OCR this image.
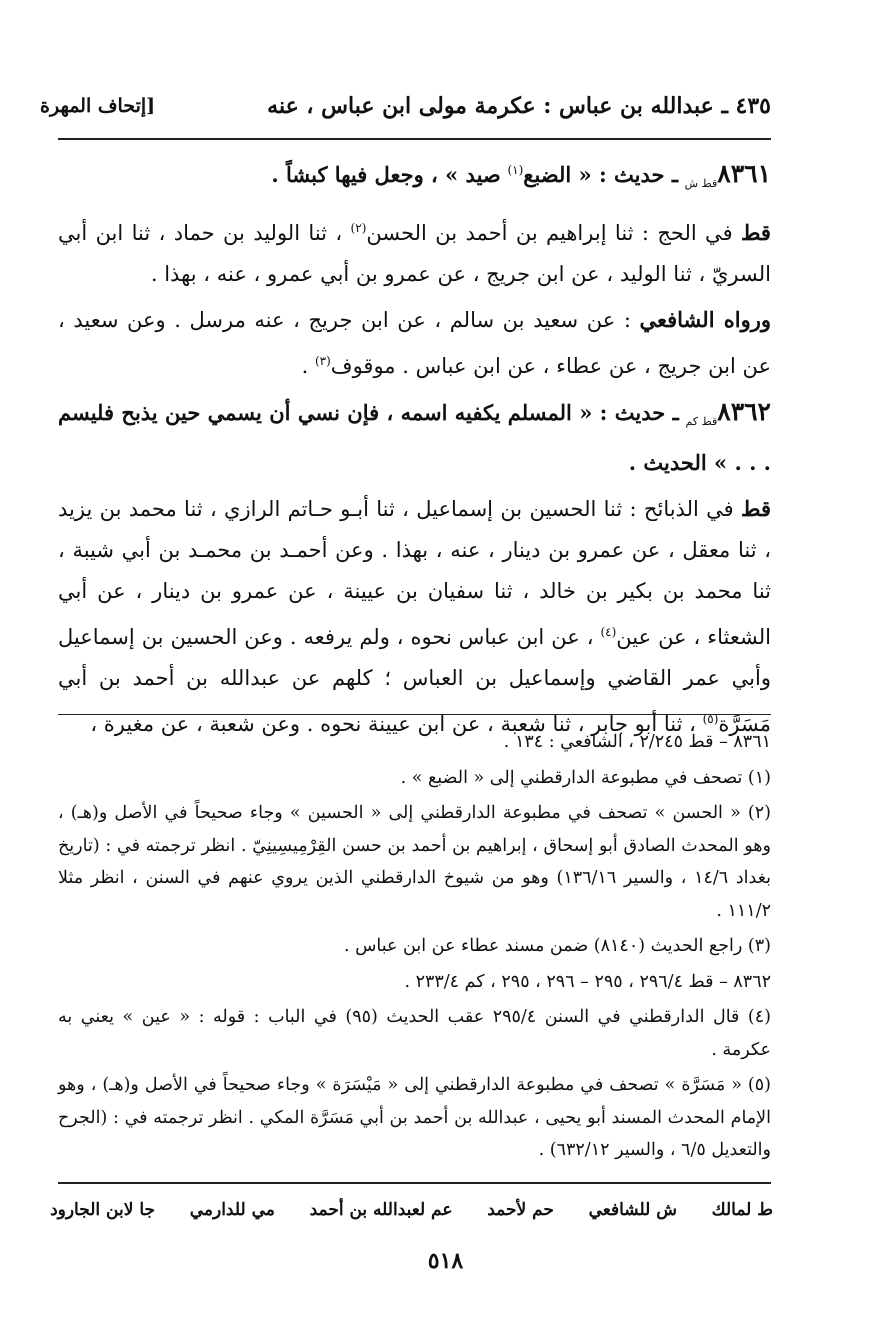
٤٣٥ ـ عبدالله بن عباس : عكرمة مولى ابن عباس ، عنه
[إتحاف المهرة

$٨٣٦١_{قط ش}$ ـ حديث : « الضبع$^{(١)}$ صيد » ، وجعل فيها كبشاً .

قط في الحج : ثنا إبراهيم بن أحمد بن الحسن$^{(٢)}$ ، ثنا الوليد بن حماد ، ثنا ابن أبي السريّ ، ثنا الوليد ، عن ابن جريج ، عن عمرو بن أبي عمرو ، عنه ، بهذا .

ورواه الشافعي : عن سعيد بن سالم ، عن ابن جريج ، عنه مرسل . وعن سعيد ، عن ابن جريج ، عن عطاء ، عن ابن عباس . موقوف$^{(٣)}$ .

$٨٣٦٢_{قط كم}$ ـ حديث : « المسلم يكفيه اسمه ، فإن نسي أن يسمي حين يذبح فليسم . . . » الحديث .

قط في الذبائح : ثنا الحسين بن إسماعيل ، ثنا أبـو حـاتم الرازي ، ثنا محمد بن يزيد ، ثنا معقل ، عن عمرو بن دينار ، عنه ، بهذا . وعن أحمـد بن محمـد بن أبي شيبة ، ثنا محمد بن بكير بن خالد ، ثنا سفيان بن عيينة ، عن عمرو بن دينار ، عن أبي الشعثاء ، عن عين$^{(٤)}$ ، عن ابن عباس نحوه ، ولم يرفعه . وعن الحسين بن إسماعيل وأبي عمر القاضي وإسماعيل بن العباس ؛ كلهم عن عبدالله بن أحمد بن أبي مَسَرَّة$^{(٥)}$ ، ثنا أبو جابر ، ثنا شعبة ، عن ابن عيينة نحوه . وعن شعبة ، عن مغيرة ،

٨٣٦١ – قط ٢/٢٤٥ ، الشافعي : ١٣٤ .

(١) تصحف في مطبوعة الدارقطني إلى « الضبع » .

(٢) « الحسن » تصحف في مطبوعة الدارقطني إلى « الحسين » وجاء صحيحاً في الأصل و(هـ) ، وهو المحدث الصادق أبو إسحاق ، إبراهيم بن أحمد بن حسن القِرْمِيسِينِيّ . انظر ترجمته في : (تاريخ بغداد ١٤/٦ ، والسير ١٣٦/١٦) وهو من شيوخ الدارقطني الذين يروي عنهم في السنن ، انظر مثلا ١١١/٢ .

(٣) راجع الحديث (٨١٤٠) ضمن مسند عطاء عن ابن عباس .

٨٣٦٢ – قط ٢٩٦/٤ ، ٢٩٥ – ٢٩٦ ، ٢٩٥ ، كم ٢٣٣/٤ .

(٤) قال الدارقطني في السنن ٢٩٥/٤ عقب الحديث (٩٥) في الباب : قوله : « عين » يعني به عكرمة .

(٥) « مَسَرَّة » تصحف في مطبوعة الدارقطني إلى « مَيْسَرَة » وجاء صحيحاً في الأصل و(هـ) ، وهو الإمام المحدث المسند أبو يحيى ، عبدالله بن أحمد بن أبي مَسَرَّة المكي . انظر ترجمته في : (الجرح والتعديل ٦/٥ ، والسير ٦٣٢/١٢) .

ط لمالك
ش للشافعي
حم لأحمد
عم لعبدالله بن أحمد
مي للدارمي
جا لابن الجارود
٥١٨
